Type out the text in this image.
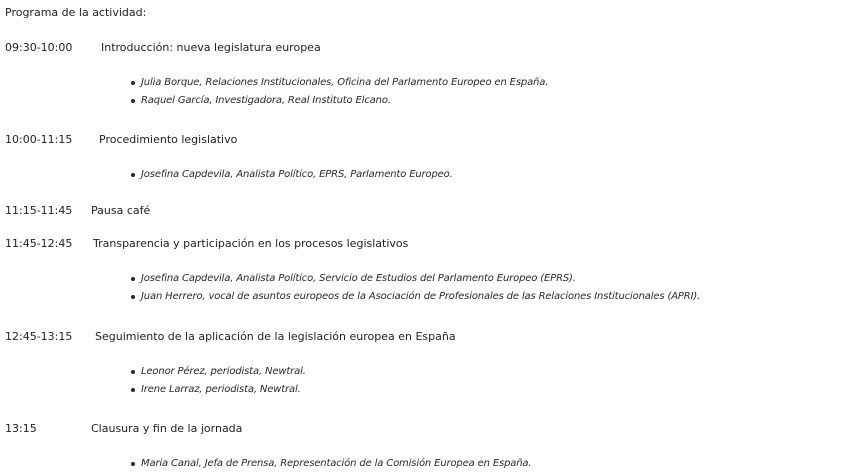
Programa de la actividad:
09:30-10:00	Introducción: nueva legislatura europea
Julia Borque, Relaciones Institucionales, Oficina del Parlamento Europeo en España.
Raquel García, Investigadora, Real Instituto Elcano.
10:00-11:15 Procedimiento legislativo
Josefina Capdevila, Analista Político, EPRS, Parlamento Europeo.
11:15-11:45 Pausa café
11:45-12:45 Transparencia y participación en los procesos legislativos
Josefina Capdevila, Analista Político, Servicio de Estudios del Parlamento Europeo (EPRS).
Juan Herrero, vocal de asuntos europeos de la Asociación de Profesionales de las Relaciones Institucionales (APRI).
12:45-13:15 Seguimiento de la aplicación de la legislación europea en España
Leonor Pérez, periodista, Newtral.
Irene Larraz, periodista, Newtral.
13:15	Clausura y fin de la jornada
Maria Canal, Jefa de Prensa, Representación de la Comisión Europea en España.
